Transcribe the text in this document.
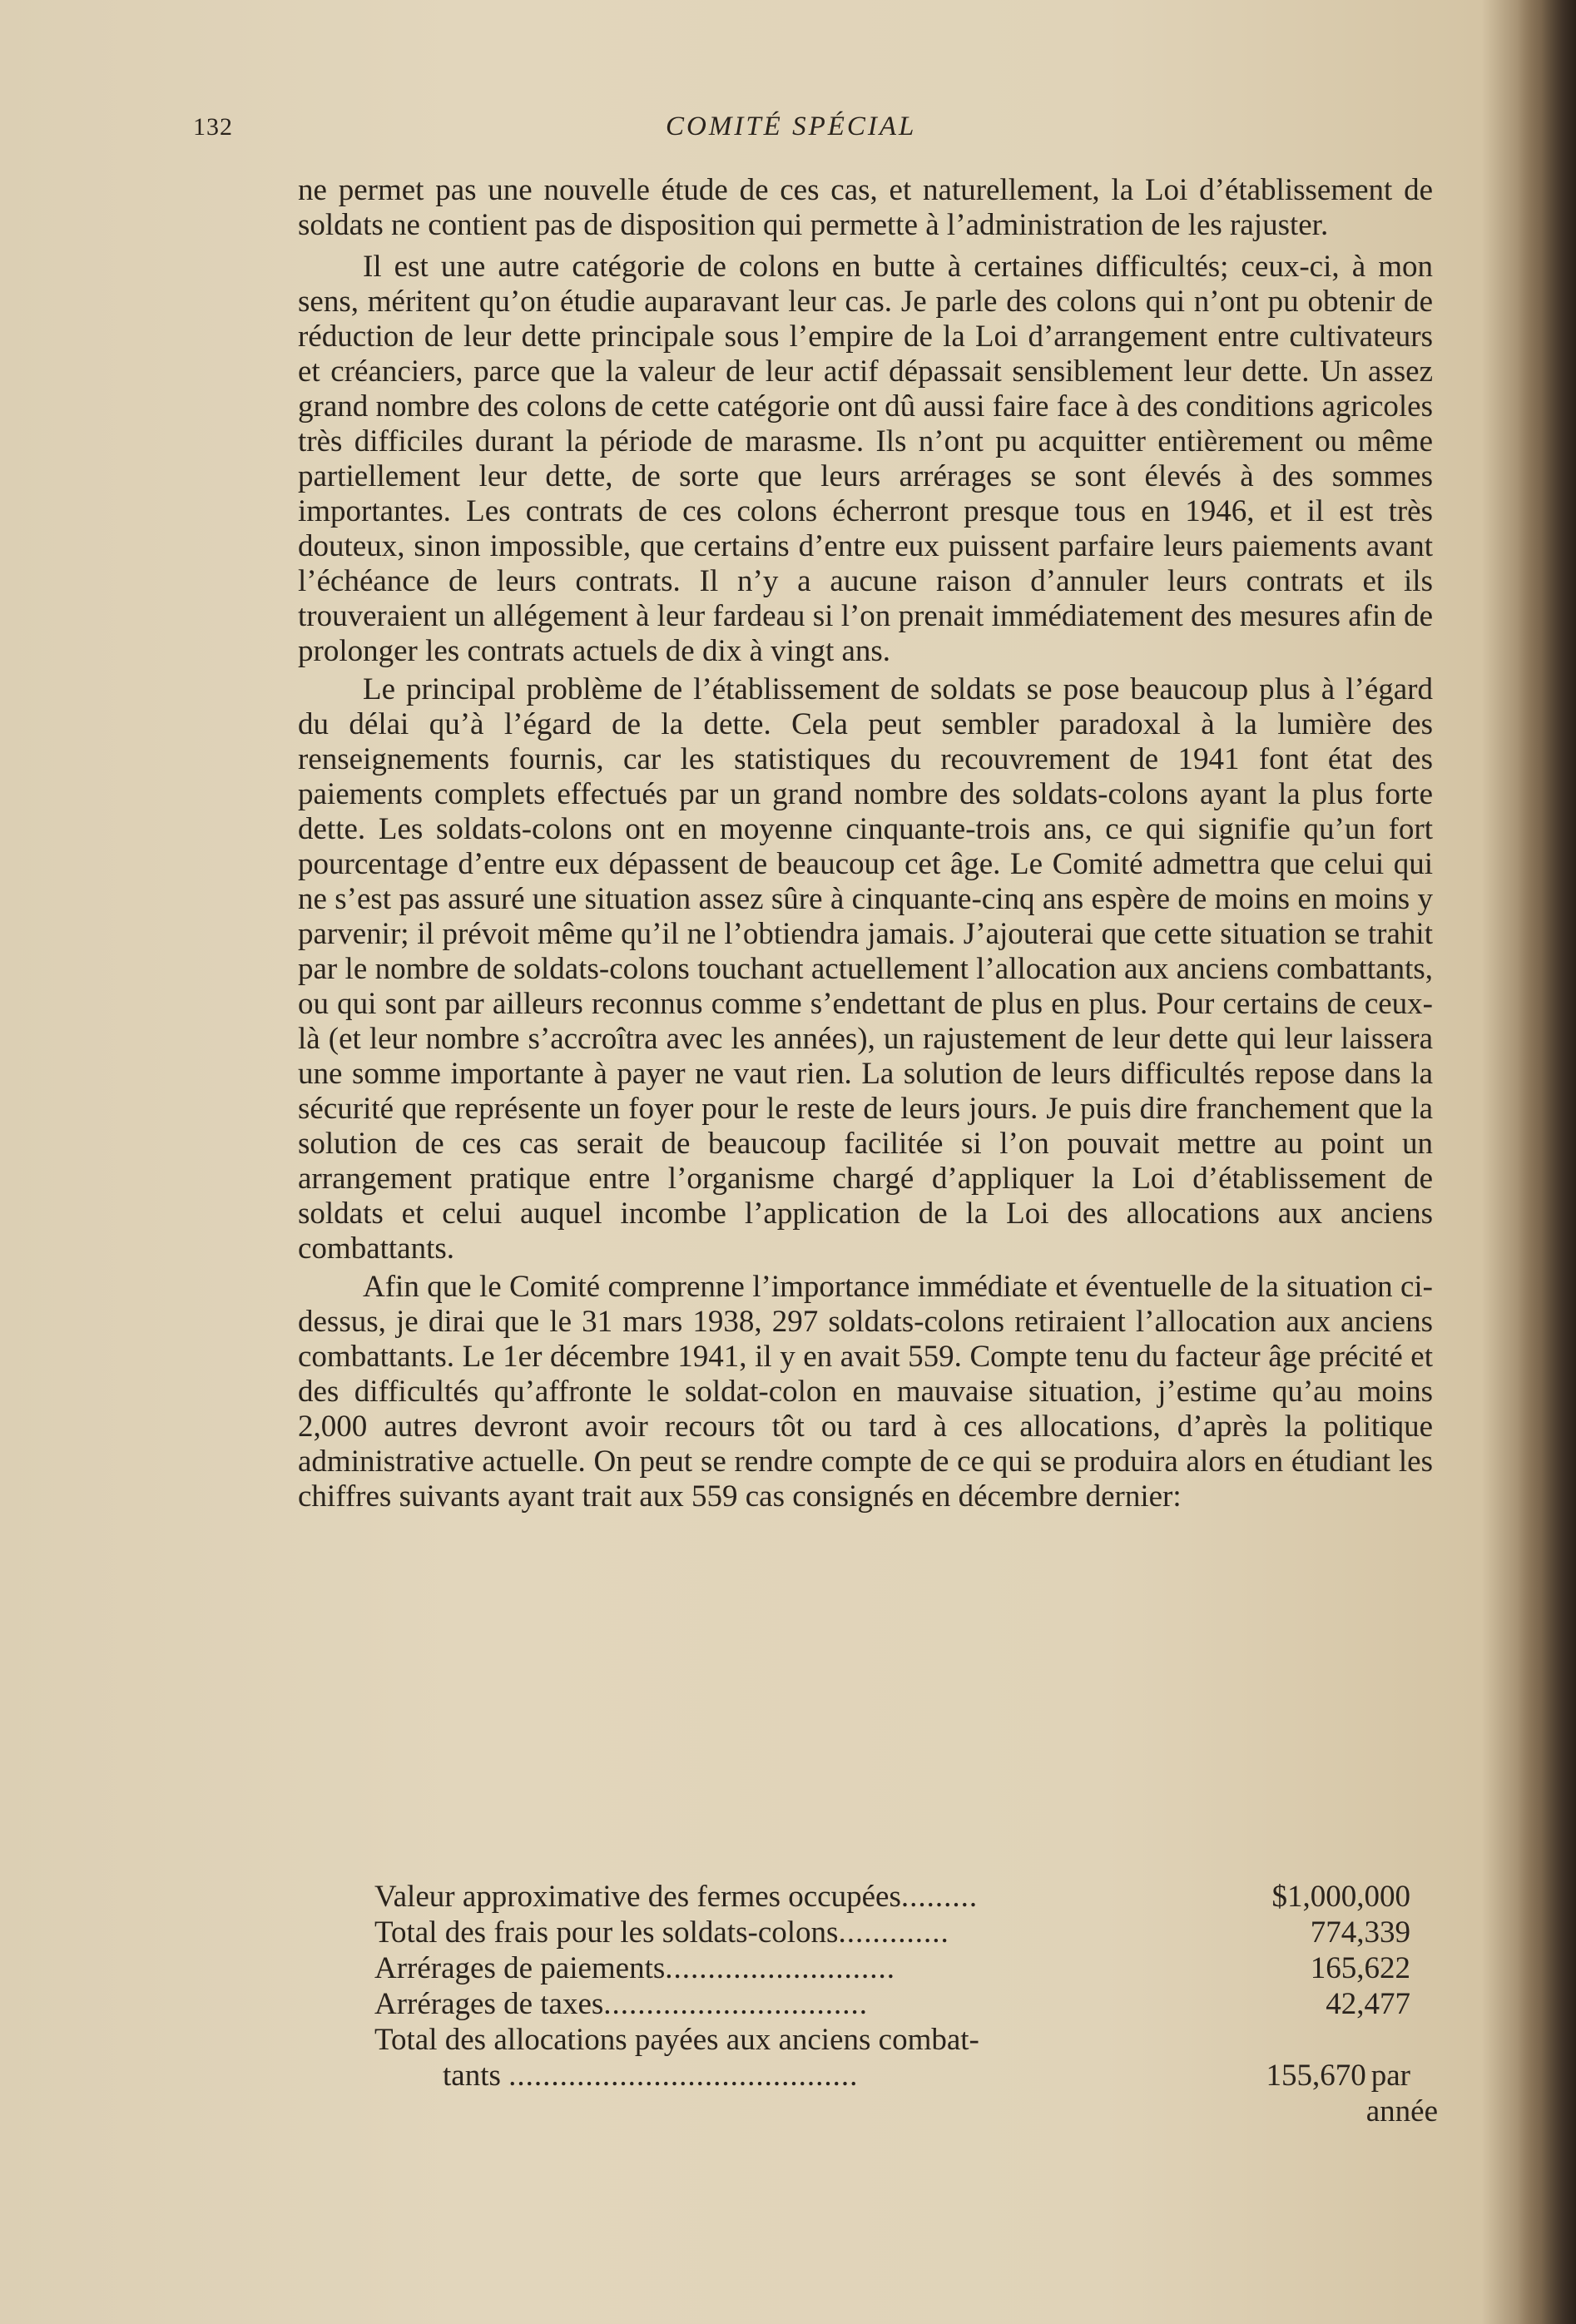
132	COMITÉ SPÉCIAL

ne permet pas une nouvelle étude de ces cas, et naturellement, la Loi d’établissement de soldats ne contient pas de disposition qui permette à l’administration de les rajuster.

Il est une autre catégorie de colons en butte à certaines difficultés; ceux-ci, à mon sens, méritent qu’on étudie auparavant leur cas. Je parle des colons qui n’ont pu obtenir de réduction de leur dette principale sous l’empire de la Loi d’arrangement entre cultivateurs et créanciers, parce que la valeur de leur actif dépassait sensiblement leur dette. Un assez grand nombre des colons de cette catégorie ont dû aussi faire face à des conditions agricoles très difficiles durant la période de marasme. Ils n’ont pu acquitter entièrement ou même partiellement leur dette, de sorte que leurs arrérages se sont élevés à des sommes importantes. Les contrats de ces colons écherront presque tous en 1946, et il est très douteux, sinon impossible, que certains d’entre eux puissent parfaire leurs paiements avant l’échéance de leurs contrats. Il n’y a aucune raison d’annuler leurs contrats et ils trouveraient un allégement à leur fardeau si l’on prenait immédiatement des mesures afin de prolonger les contrats actuels de dix à vingt ans.

Le principal problème de l’établissement de soldats se pose beaucoup plus à l’égard du délai qu’à l’égard de la dette. Cela peut sembler paradoxal à la lumière des renseignements fournis, car les statistiques du recouvrement de 1941 font état des paiements complets effectués par un grand nombre des soldats-colons ayant la plus forte dette. Les soldats-colons ont en moyenne cinquante-trois ans, ce qui signifie qu’un fort pourcentage d’entre eux dépassent de beaucoup cet âge. Le Comité admettra que celui qui ne s’est pas assuré une situation assez sûre à cinquante-cinq ans espère de moins en moins y parvenir; il prévoit même qu’il ne l’obtiendra jamais. J’ajouterai que cette situation se trahit par le nombre de soldats-colons touchant actuellement l’allocation aux anciens combattants, ou qui sont par ailleurs reconnus comme s’endettant de plus en plus. Pour certains de ceux-là (et leur nombre s’accroîtra avec les années), un rajustement de leur dette qui leur laissera une somme importante à payer ne vaut rien. La solution de leurs difficultés repose dans la sécurité que représente un foyer pour le reste de leurs jours. Je puis dire franchement que la solution de ces cas serait de beaucoup facilitée si l’on pouvait mettre au point un arrangement pratique entre l’organisme chargé d’appliquer la Loi d’établissement de soldats et celui auquel incombe l’application de la Loi des allocations aux anciens combattants.

Afin que le Comité comprenne l’importance immédiate et éventuelle de la situation ci-dessus, je dirai que le 31 mars 1938, 297 soldats-colons retiraient l’allocation aux anciens combattants. Le 1er décembre 1941, il y en avait 559. Compte tenu du facteur âge précité et des difficultés qu’affronte le soldat-colon en mauvaise situation, j’estime qu’au moins 2,000 autres devront avoir recours tôt ou tard à ces allocations, d’après la politique administrative actuelle. On peut se rendre compte de ce qui se produira alors en étudiant les chiffres suivants ayant trait aux 559 cas consignés en décembre dernier:

Valeur approximative des fermes occupées.........	$1,000,000
Total des frais pour les soldats-colons.............	774,339
Arrérages de paiements...........................	165,622
Arrérages de taxes...............................	42,477
Total des allocations payées aux anciens combat-
tants .........................................	155,670 par
année
